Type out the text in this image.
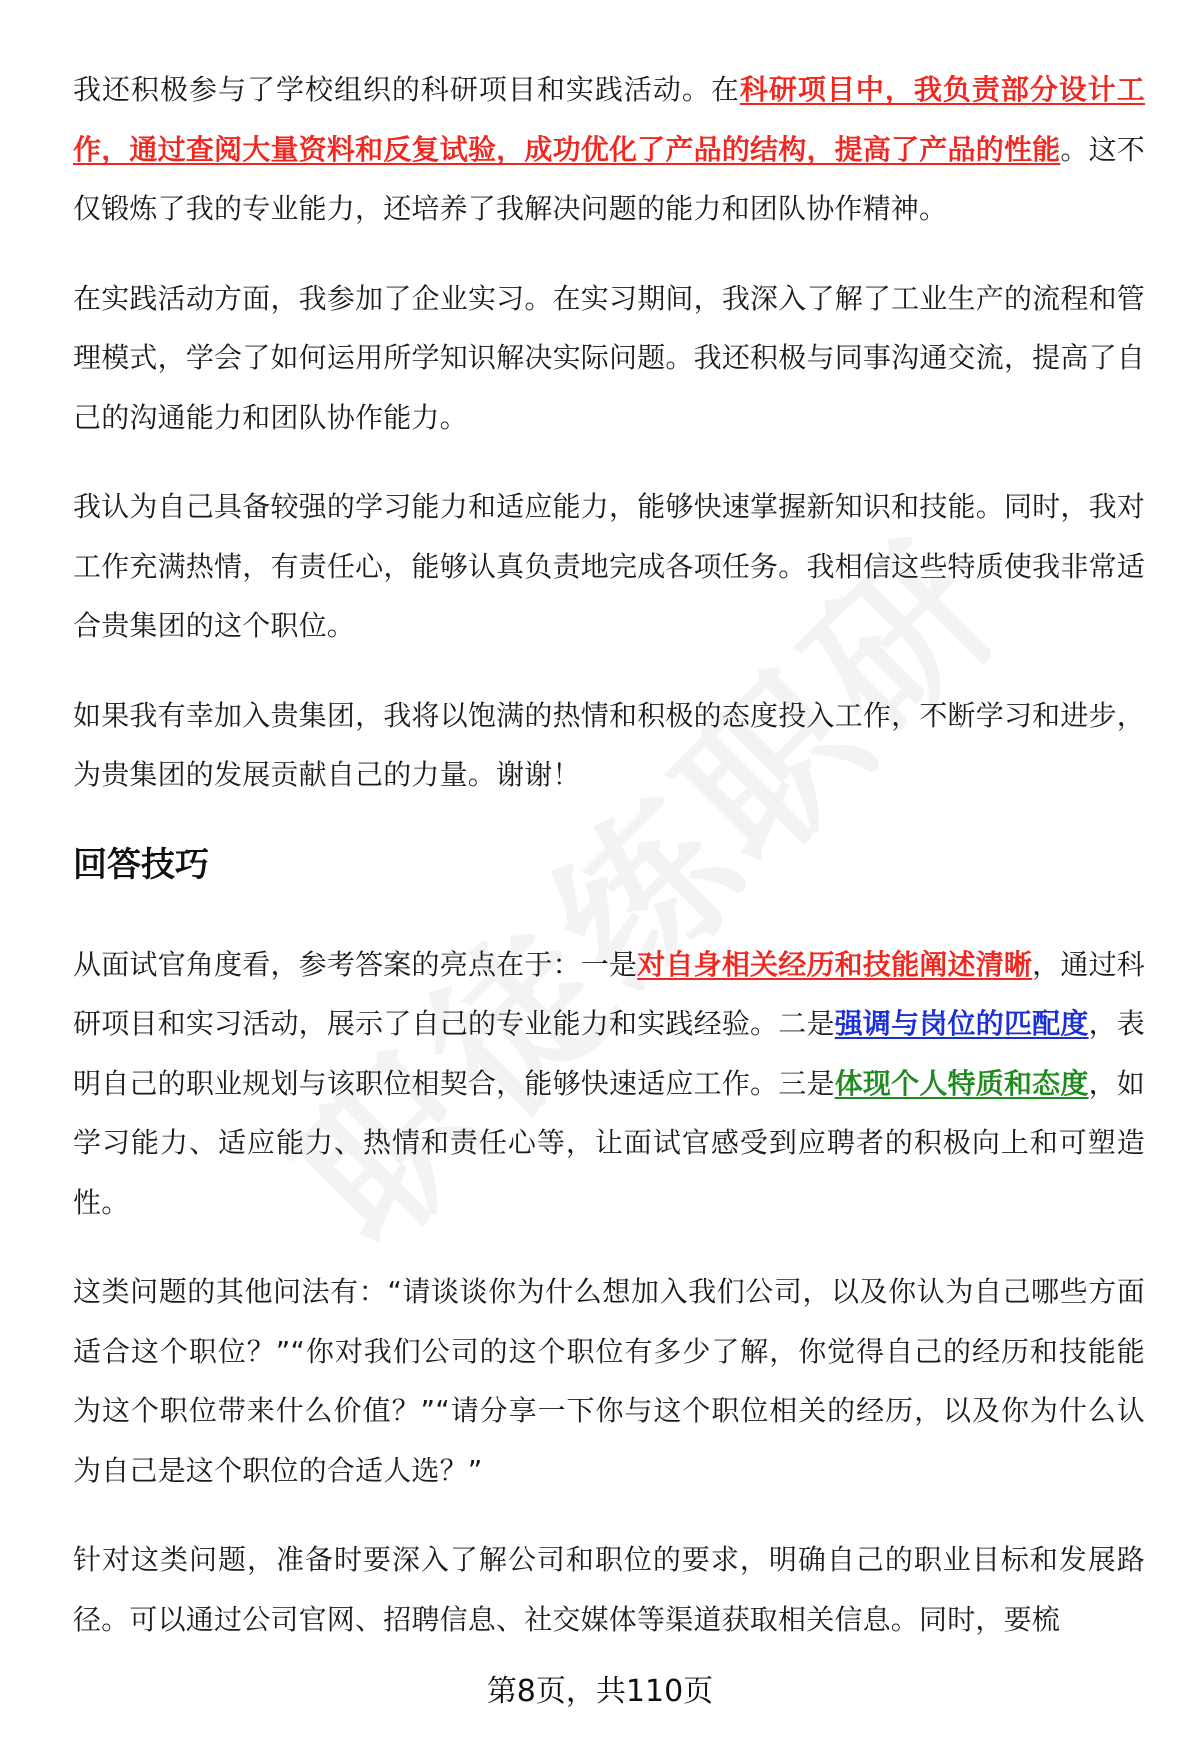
我还积极参与了学校组织的科研项目和实践活动。在科研项目中，我负责部分设计工作，通过查阅大量资料和反复试验，成功优化了产品的结构，提高了产品的性能。这不仅锻炼了我的专业能力，还培养了我解决问题的能力和团队协作精神。

在实践活动方面，我参加了企业实习。在实习期间，我深入了解了工业生产的流程和管理模式，学会了如何运用所学知识解决实际问题。我还积极与同事沟通交流，提高了自己的沟通能力和团队协作能力。

我认为自己具备较强的学习能力和适应能力，能够快速掌握新知识和技能。同时，我对工作充满热情，有责任心，能够认真负责地完成各项任务。我相信这些特质使我非常适合贵集团的这个职位。

如果我有幸加入贵集团，我将以饱满的热情和积极的态度投入工作，不断学习和进步，为贵集团的发展贡献自己的力量。谢谢！

回答技巧

从面试官角度看，参考答案的亮点在于：一是对自身相关经历和技能阐述清晰，通过科研项目和实习活动，展示了自己的专业能力和实践经验。二是强调与岗位的匹配度，表明自己的职业规划与该职位相契合，能够快速适应工作。三是体现个人特质和态度，如学习能力、适应能力、热情和责任心等，让面试官感受到应聘者的积极向上和可塑造性。

这类问题的其他问法有：“请谈谈你为什么想加入我们公司，以及你认为自己哪些方面适合这个职位？”“你对我们公司的这个职位有多少了解，你觉得自己的经历和技能能为这个职位带来什么价值？”“请分享一下你与这个职位相关的经历，以及你为什么认为自己是这个职位的合适人选？”

针对这类问题，准备时要深入了解公司和职位的要求，明确自己的职业目标和发展路径。可以通过公司官网、招聘信息、社交媒体等渠道获取相关信息。同时，要梳

第8页，共110页
